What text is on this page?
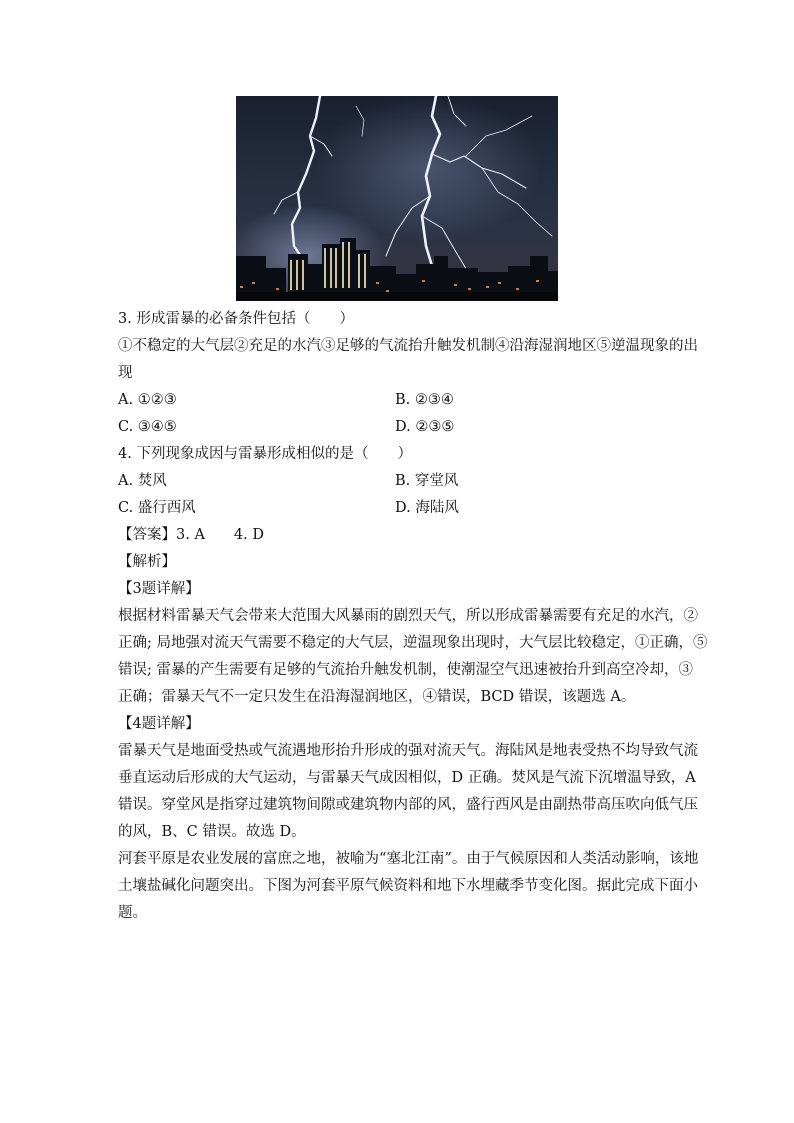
3. 形成雷暴的必备条件包括（　　）
①不稳定的大气层②充足的水汽③足够的气流抬升触发机制④沿海湿润地区⑤逆温现象的出
现
A. ①②③	B. ②③④
C. ③④⑤	D. ②③⑤
4. 下列现象成因与雷暴形成相似的是（　　）
A. 焚风	B. 穿堂风
C. 盛行西风	D. 海陆风
【答案】3. A　　4. D
【解析】
【3题详解】
根据材料雷暴天气会带来大范围大风暴雨的剧烈天气，所以形成雷暴需要有充足的水汽，②
正确; 局地强对流天气需要不稳定的大气层，逆温现象出现时，大气层比较稳定，①正确，⑤
错误; 雷暴的产生需要有足够的气流抬升触发机制，使潮湿空气迅速被抬升到高空冷却，③
正确；雷暴天气不一定只发生在沿海湿润地区，④错误，BCD 错误，该题选 A。
【4题详解】
雷暴天气是地面受热或气流遇地形抬升形成的强对流天气。海陆风是地表受热不均导致气流
垂直运动后形成的大气运动，与雷暴天气成因相似，D 正确。焚风是气流下沉增温导致，A
错误。穿堂风是指穿过建筑物间隙或建筑物内部的风，盛行西风是由副热带高压吹向低气压
的风，B、C 错误。故选 D。
河套平原是农业发展的富庶之地，被喻为“塞北江南”。由于气候原因和人类活动影响，该地
土壤盐碱化问题突出。下图为河套平原气候资料和地下水埋藏季节变化图。据此完成下面小
题。
